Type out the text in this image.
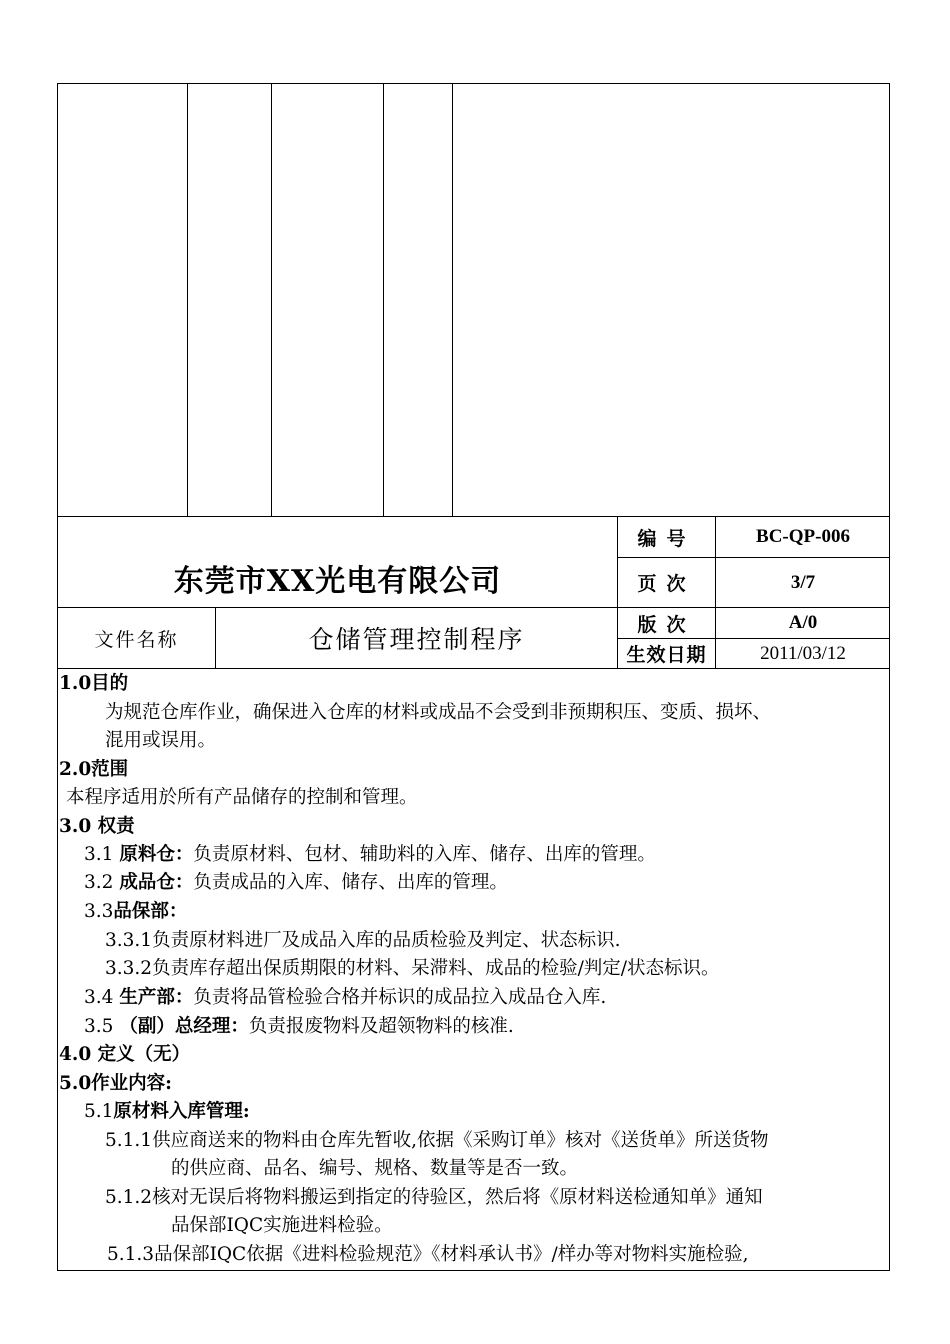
东莞市XX光电有限公司
编号	BC-QP-006
页次	3/7
版次	A/0
生效日期	2011/03/12
文件名称	仓储管理控制程序
1.0目的
为规范仓库作业，确保进入仓库的材料或成品不会受到非预期积压、变质、损坏、
混用或误用。
2.0范围
本程序适用於所有产品储存的控制和管理。
3.0 权责
3.1 原料仓：负责原材料、包材、辅助料的入库、储存、出库的管理。
3.2 成品仓：负责成品的入库、储存、出库的管理。
3.3品保部：
3.3.1负责原材料进厂及成品入库的品质检验及判定、状态标识.
3.3.2负责库存超出保质期限的材料、呆滞料、成品的检验/判定/状态标识。
3.4 生产部：负责将品管检验合格并标识的成品拉入成品仓入库.
3.5 （副）总经理：负责报废物料及超领物料的核准.
4.0 定义（无）
5.0作业内容:
5.1原材料入库管理:
5.1.1供应商送来的物料由仓库先暂收,依据《采购订单》核对《送货单》所送货物
的供应商、品名、编号、规格、数量等是否一致。
5.1.2核对无误后将物料搬运到指定的待验区，然后将《原材料送检通知单》通知
品保部IQC实施进料检验。
5.1.3品保部IQC依据《进料检验规范》《材料承认书》/样办等对物料实施检验,
